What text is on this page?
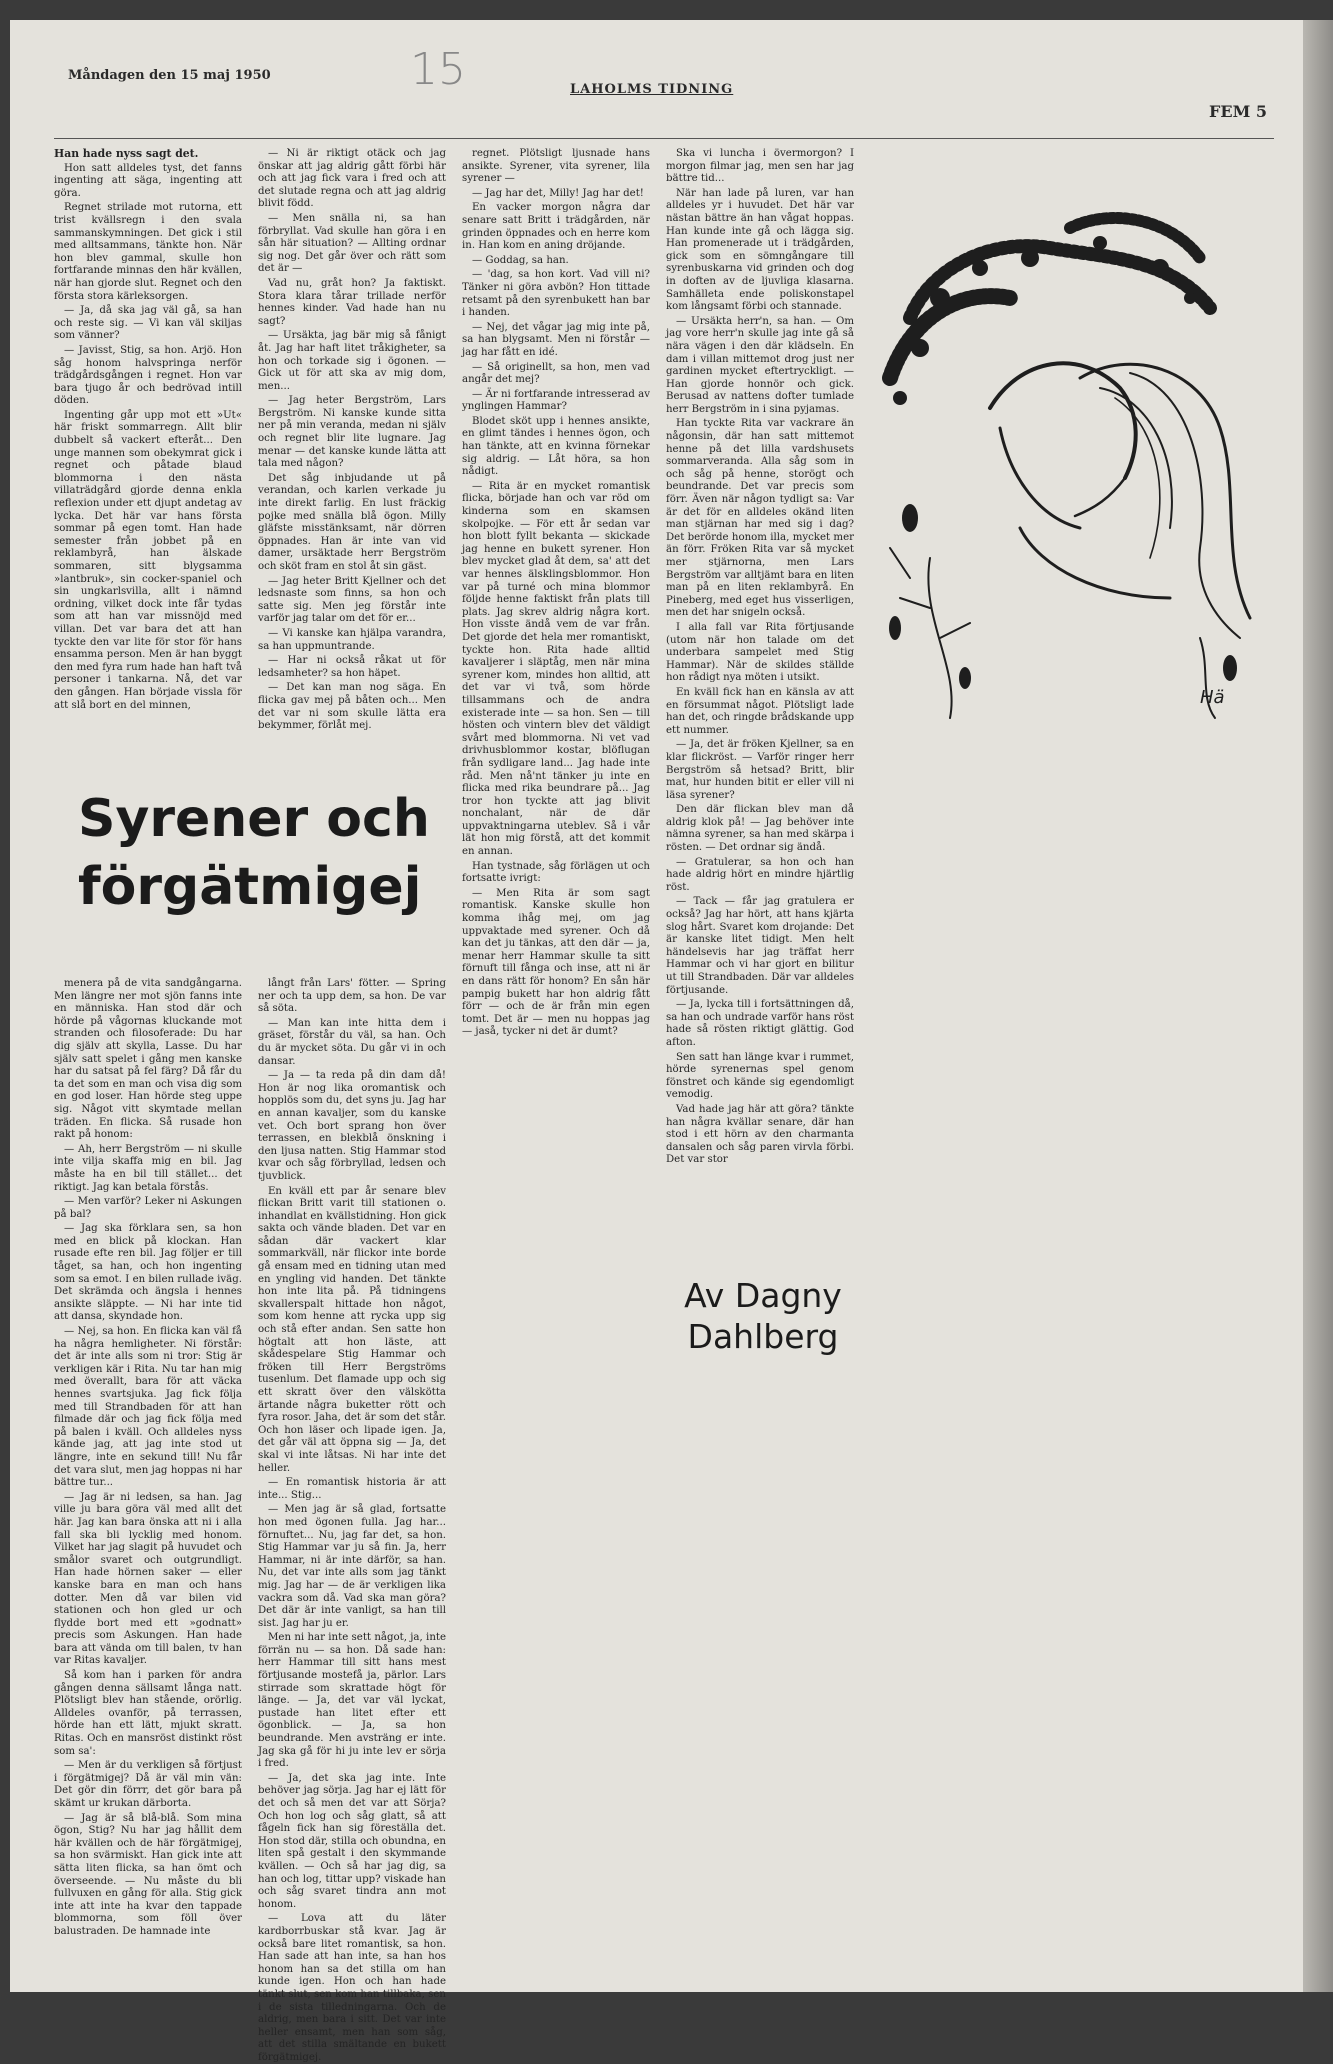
Måndagen den 15 maj 1950
LAHOLMS TIDNING
FEM 5
15

Han hade nyss sagt det.

Hon satt alldeles tyst, det fanns ingenting att säga, ingenting att göra.

Regnet strilade mot rutorna, ett trist kvällsregn i den svala sammanskymningen. Det gick i stil med alltsammans, tänkte hon. När hon blev gammal, skulle hon fortfarande minnas den här kvällen, när han gjorde slut. Regnet och den första stora kärleksorgen.

— Ja, då ska jag väl gå, sa han och reste sig. — Vi kan väl skiljas som vänner?

— Javisst, Stig, sa hon. Arjö. Hon såg honom halvspringa nerför trädgårdsgången i regnet. Hon var bara tjugo år och bedrövad intill döden.

Ingenting går upp mot ett »Ut« här friskt sommarregn. Allt blir dubbelt så vackert efteråt... Den unge mannen som obekymrat gick i regnet och påtade blaud blommorna i den nästa villaträdgård gjorde denna enkla reflexion under ett djupt andetag av lycka. Det här var hans första sommar på egen tomt. Han hade semester från jobbet på en reklambyrå, han älskade sommaren, sitt blygsamma »lantbruk», sin cocker-spaniel och sin ungkarlsvilla, allt i nämnd ordning, vilket dock inte får tydas som att han var missnöjd med villan. Det var bara det att han tyckte den var lite för stor för hans ensamma person. Men är han byggt den med fyra rum hade han haft två personer i tankarna. Nå, det var den gången. Han började vissla för att slå bort en del minnen,

— Ni är riktigt otäck och jag önskar att jag aldrig gått förbi här och att jag fick vara i fred och att det slutade regna och att jag aldrig blivit född.

— Men snälla ni, sa han förbryllat. Vad skulle han göra i en sån här situation? — Allting ordnar sig nog. Det går över och rätt som det är —

Vad nu, gråt hon? Ja faktiskt. Stora klara tårar trillade nerför hennes kinder. Vad hade han nu sagt?

— Ursäkta, jag bär mig så fånigt åt. Jag har haft litet tråkigheter, sa hon och torkade sig i ögonen. — Gick ut för att ska av mig dom, men...

— Jag heter Bergström, Lars Bergström. Ni kanske kunde sitta ner på min veranda, medan ni själv och regnet blir lite lugnare. Jag menar — det kanske kunde lätta att tala med någon?

Det såg inbjudande ut på verandan, och karlen verkade ju inte direkt farlig. En lust fräckig pojke med snälla blå ögon. Milly gläfste misstänksamt, när dörren öppnades. Han är inte van vid damer, ursäktade herr Bergström och sköt fram en stol åt sin gäst.

— Jag heter Britt Kjellner och det ledsnaste som finns, sa hon och satte sig. Men jeg förstår inte varför jag talar om det för er...

— Vi kanske kan hjälpa varandra, sa han uppmuntrande.

— Har ni också råkat ut för ledsamheter? sa hon häpet.

— Det kan man nog säga. En flicka gav mej på båten och... Men det var ni som skulle lätta era bekymmer, förlåt mej.

Syrener och
förgätmigej

menera på de vita sandgångarna. Men längre ner mot sjön fanns inte en människa. Han stod där och hörde på vågornas kluckande mot stranden och filosoferade: Du har dig själv att skylla, Lasse. Du har själv satt spelet i gång men kanske har du satsat på fel färg? Då får du ta det som en man och visa dig som en god loser. Han hörde steg uppe sig. Något vitt skymtade mellan träden. En flicka. Så rusade hon rakt på honom:

— Ah, herr Bergström — ni skulle inte vilja skaffa mig en bil. Jag måste ha en bil till stället... det riktigt. Jag kan betala förstås.

— Men varför? Leker ni Askungen på bal?

— Jag ska förklara sen, sa hon med en blick på klockan. Han rusade efte ren bil. Jag följer er till tåget, sa han, och hon ingenting som sa emot. I en bilen rullade iväg. Det skrämda och ängsla i hennes ansikte släppte. — Ni har inte tid att dansa, skyndade hon.

— Nej, sa hon. En flicka kan väl få ha några hemligheter. Ni förstår: det är inte alls som ni tror: Stig är verkligen kär i Rita. Nu tar han mig med överallt, bara för att väcka hennes svartsjuka. Jag fick följa med till Strandbaden för att han filmade där och jag fick följa med på balen i kväll. Och alldeles nyss kände jag, att jag inte stod ut längre, inte en sekund till! Nu får det vara slut, men jag hoppas ni har bättre tur...

— Jag är ni ledsen, sa han. Jag ville ju bara göra väl med allt det här. Jag kan bara önska att ni i alla fall ska bli lycklig med honom. Vilket har jag slagit på huvudet och smålor svaret och outgrundligt. Han hade hörnen saker — eller kanske bara en man och hans dotter. Men då var bilen vid stationen och hon gled ur och flydde bort med ett »godnatt» precis som Askungen. Han hade bara att vända om till balen, tv han var Ritas kavaljer.

Så kom han i parken för andra gången denna sällsamt långa natt. Plötsligt blev han stående, orörlig. Alldeles ovanför, på terrassen, hörde han ett lätt, mjukt skratt. Ritas. Och en mansröst distinkt röst som sa':

— Men är du verkligen så förtjust i förgätmigej? Då är väl min vän: Det gör din förrr, det gör bara på skämt ur krukan därborta.

— Jag är så blå-blå. Som mina ögon, Stig? Nu har jag hållit dem här kvällen och de här förgätmigej, sa hon svärmiskt. Han gick inte att sätta liten flicka, sa han ömt och överseende. — Nu måste du bli fullvuxen en gång för alla. Stig gick inte att inte ha kvar den tappade blommorna, som föll över balustraden. De hamnade inte

långt från Lars' fötter. — Spring ner och ta upp dem, sa hon. De var så söta.

— Man kan inte hitta dem i gräset, förstår du väl, sa han. Och du är mycket söta. Du går vi in och dansar.

— Ja — ta reda på din dam då! Hon är nog lika oromantisk och hopplös som du, det syns ju. Jag har en annan kavaljer, som du kanske vet. Och bort sprang hon över terrassen, en blekblå önskning i den ljusa natten. Stig Hammar stod kvar och såg förbryllad, ledsen och tjuvblick.

En kväll ett par år senare blev flickan Britt varit till stationen o. inhandlat en kvällstidning. Hon gick sakta och vände bladen. Det var en sådan där vackert klar sommarkväll, när flickor inte borde gå ensam med en tidning utan med en yngling vid handen. Det tänkte hon inte lita på. På tidningens skvallerspalt hittade hon något, som kom henne att rycka upp sig och stå efter andan. Sen satte hon högtalt att hon läste, att skådespelare Stig Hammar och fröken till Herr Bergströms tusenlum. Det flamade upp och sig ett skratt över den välskötta ärtande några buketter rött och fyra rosor. Jaha, det är som det står. Och hon läser och lipade igen. Ja, det går väl att öppna sig — Ja, det skal vi inte låtsas. Ni har inte det heller.

— En romantisk historia är att inte... Stig...

— Men jag är så glad, fortsatte hon med ögonen fulla. Jag har... förnuftet... Nu, jag far det, sa hon. Stig Hammar var ju så fin. Ja, herr Hammar, ni är inte därför, sa han. Nu, det var inte alls som jag tänkt mig. Jag har — de är verkligen lika vackra som då. Vad ska man göra? Det där är inte vanligt, sa han till sist. Jag har ju er.

Men ni har inte sett något, ja, inte förrän nu — sa hon. Då sade han: herr Hammar till sitt hans mest förtjusande mostefå ja, pärlor. Lars stirrade som skrattade högt för länge. — Ja, det var väl lyckat, pustade han litet efter ett ögonblick. — Ja, sa hon beundrande. Men avsträng er inte. Jag ska gå för hi ju inte lev er sörja i fred.

— Ja, det ska jag inte. Inte behöver jag sörja. Jag har ej lätt för det och så men det var att Sörja? Och hon log och såg glatt, så att fågeln fick han sig föreställa det. Hon stod där, stilla och obundna, en liten spå gestalt i den skymmande kvällen. — Och så har jag dig, sa han och log, tittar upp? viskade han och såg svaret tindra ann mot honom.

— Lova att du läter kardborrbuskar stå kvar. Jag är också bare litet romantisk, sa hon. Han sade att han inte, sa han hos honom han sa det stilla om han kunde igen. Hon och han hade tänkt slut, sen kom han tillbaka, sen i de sista tilledningarna. Och de aldrig, men bara i sitt. Det var inte heller ensamt, men han som såg, att det stilla smältande en bukett förgätmigej.

regnet. Plötsligt ljusnade hans ansikte. Syrener, vita syrener, lila syrener —

— Jag har det, Milly! Jag har det!

En vacker morgon några dar senare satt Britt i trädgården, när grinden öppnades och en herre kom in. Han kom en aning dröjande.

— Goddag, sa han.

— 'dag, sa hon kort. Vad vill ni? Tänker ni göra avbön? Hon tittade retsamt på den syrenbukett han bar i handen.

— Nej, det vågar jag mig inte på, sa han blygsamt. Men ni förstår — jag har fått en idé.

— Så originellt, sa hon, men vad angår det mej?

— Är ni fortfarande intresserad av ynglingen Hammar?

Blodet sköt upp i hennes ansikte, en glimt tändes i hennes ögon, och han tänkte, att en kvinna förnekar sig aldrig. — Låt höra, sa hon nådigt.

— Rita är en mycket romantisk flicka, började han och var röd om kinderna som en skamsen skolpojke. — För ett år sedan var hon blott fyllt bekanta — skickade jag henne en bukett syrener. Hon blev mycket glad åt dem, sa' att det var hennes älsklingsblommor. Hon var på turné och mina blommor följde henne faktiskt från plats till plats. Jag skrev aldrig några kort. Hon visste ändå vem de var från. Det gjorde det hela mer romantiskt, tyckte hon. Rita hade alltid kavaljerer i släptåg, men när mina syrener kom, mindes hon alltid, att det var vi två, som hörde tillsammans och de andra existerade inte — sa hon. Sen — till hösten och vintern blev det väldigt svårt med blommorna. Ni vet vad drivhusblommor kostar, blöflugan från sydligare land... Jag hade inte råd. Men nå'nt tänker ju inte en flicka med rika beundrare på... Jag tror hon tyckte att jag blivit nonchalant, när de där uppvaktningarna uteblev. Så i vår lät hon mig förstå, att det kommit en annan.

Han tystnade, såg förlägen ut och fortsatte ivrigt:

— Men Rita är som sagt romantisk. Kanske skulle hon komma ihåg mej, om jag uppvaktade med syrener. Och då kan det ju tänkas, att den där — ja, menar herr Hammar skulle ta sitt förnuft till fånga och inse, att ni är en dans rätt för honom? En sån här pampig bukett har hon aldrig fått förr — och de är från min egen tomt. Det är — men nu hoppas jag — jaså, tycker ni det är dumt?

Ska vi luncha i övermorgon? I morgon filmar jag, men sen har jag bättre tid...

När han lade på luren, var han alldeles yr i huvudet. Det här var nästan bättre än han vågat hoppas. Han kunde inte gå och lägga sig. Han promenerade ut i trädgården, gick som en sömngångare till syrenbuskarna vid grinden och dog in doften av de ljuvliga klasarna. Samhälleta ende poliskonstapel kom långsamt förbi och stannade.

— Ursäkta herr'n, sa han. — Om jag vore herr'n skulle jag inte gå så nära vägen i den där klädseln. En dam i villan mittemot drog just ner gardinen mycket eftertryckligt. — Han gjorde honnör och gick. Berusad av nattens dofter tumlade herr Bergström in i sina pyjamas.

Han tyckte Rita var vackrare än någonsin, där han satt mittemot henne på det lilla vardshusets sommarveranda. Alla såg som in och såg på henne, storögt och beundrande. Det var precis som förr. Även när någon tydligt sa: Var är det för en alldeles okänd liten man stjärnan har med sig i dag? Det berörde honom illa, mycket mer än förr. Fröken Rita var så mycket mer stjärnorna, men Lars Bergström var alltjämt bara en liten man på en liten reklambyrå. En Pineberg, med eget hus visserligen, men det har snigeln också.

I alla fall var Rita förtjusande (utom när hon talade om det underbara sampelet med Stig Hammar). När de skildes ställde hon rådigt nya möten i utsikt.

En kväll fick han en känsla av att en försummat något. Plötsligt lade han det, och ringde brådskande upp ett nummer.

— Ja, det är fröken Kjellner, sa en klar flickröst. — Varför ringer herr Bergström så hetsad? Britt, blir mat, hur hunden bitit er eller vill ni läsa syrener?

Den där flickan blev man då aldrig klok på! — Jag behöver inte nämna syrener, sa han med skärpa i rösten. — Det ordnar sig ändå.

— Gratulerar, sa hon och han hade aldrig hört en mindre hjärtlig röst.

— Tack — får jag gratulera er också? Jag har hört, att hans kjärta slog hårt. Svaret kom drojande: Det är kanske litet tidigt. Men helt händelsevis har jag träffat herr Hammar och vi har gjort en bilitur ut till Strandbaden. Där var alldeles förtjusande.

— Ja, lycka till i fortsättningen då, sa han och undrade varför hans röst hade så rösten riktigt glättig. God afton.

Sen satt han länge kvar i rummet, hörde syrenernas spel genom fönstret och kände sig egendomligt vemodig.

Vad hade jag här att göra? tänkte han några kvällar senare, där han stod i ett hörn av den charmanta dansalen och såg paren virvla förbi. Det var stor

Av Dagny
Dahlberg
Hä
